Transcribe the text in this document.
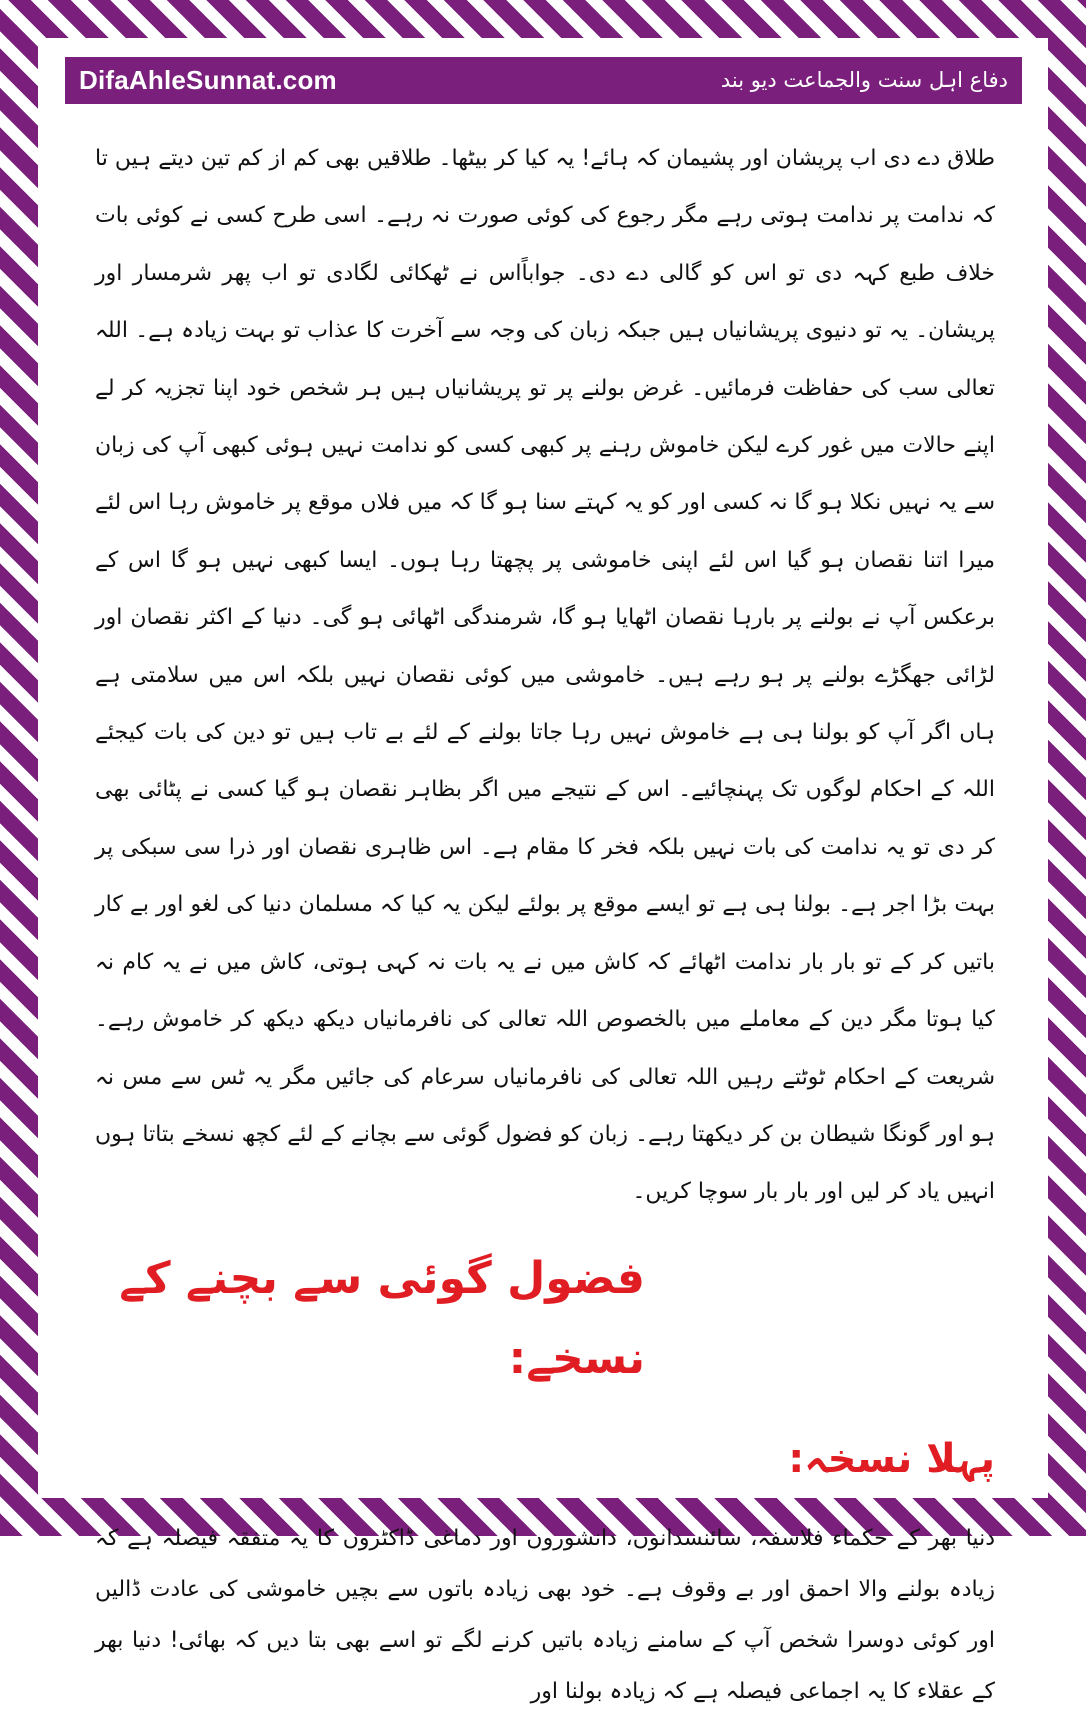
DifaAhleSunnat.com	دفاع اہل سنت والجماعت دیو بند

طلاق دے دی اب پریشان اور پشیمان کہ ہائے! یہ کیا کر بیٹھا۔ طلاقیں بھی کم از کم تین دیتے ہیں تا کہ ندامت پر ندامت ہوتی رہے مگر رجوع کی کوئی صورت نہ رہے۔ اسی طرح کسی نے کوئی بات خلاف طبع کہہ دی تو اس کو گالی دے دی۔ جواباًاس نے ٹھکائی لگادی تو اب پھر شرمسار اور پریشان۔ یہ تو دنیوی پریشانیاں ہیں جبکہ زبان کی وجہ سے آخرت کا عذاب تو بہت زیادہ ہے۔ اللہ تعالی سب کی حفاظت فرمائیں۔ غرض بولنے پر تو پریشانیاں ہیں ہر شخص خود اپنا تجزیہ کر لے اپنے حالات میں غور کرے لیکن خاموش رہنے پر کبھی کسی کو ندامت نہیں ہوئی کبھی آپ کی زبان سے یہ نہیں نکلا ہو گا نہ کسی اور کو یہ کہتے سنا ہو گا کہ میں فلاں موقع پر خاموش رہا اس لئے میرا اتنا نقصان ہو گیا اس لئے اپنی خاموشی پر پچھتا رہا ہوں۔ ایسا کبھی نہیں ہو گا اس کے برعکس آپ نے بولنے پر بارہا نقصان اٹھایا ہو گا، شرمندگی اٹھائی ہو گی۔ دنیا کے اکثر نقصان اور لڑائی جھگڑے بولنے پر ہو رہے ہیں۔ خاموشی میں کوئی نقصان نہیں بلکہ اس میں سلامتی ہے ہاں اگر آپ کو بولنا ہی ہے خاموش نہیں رہا جاتا بولنے کے لئے بے تاب ہیں تو دین کی بات کیجئے اللہ کے احکام لوگوں تک پہنچائیے۔ اس کے نتیجے میں اگر بظاہر نقصان ہو گیا کسی نے پٹائی بھی کر دی تو یہ ندامت کی بات نہیں بلکہ فخر کا مقام ہے۔ اس ظاہری نقصان اور ذرا سی سبکی پر بہت بڑا اجر ہے۔ بولنا ہی ہے تو ایسے موقع پر بولئے لیکن یہ کیا کہ مسلمان دنیا کی لغو اور بے کار باتیں کر کے تو بار بار ندامت اٹھائے کہ کاش میں نے یہ بات نہ کہی ہوتی، کاش میں نے یہ کام نہ کیا ہوتا مگر دین کے معاملے میں بالخصوص اللہ تعالی کی نافرمانیاں دیکھ دیکھ کر خاموش رہے۔ شریعت کے احکام ٹوٹتے رہیں اللہ تعالی کی نافرمانیاں سرعام کی جائیں مگر یہ ٹس سے مس نہ ہو اور گونگا شیطان بن کر دیکھتا رہے۔ زبان کو فضول گوئی سے بچانے کے لئے کچھ نسخے بتاتا ہوں انہیں یاد کر لیں اور بار بار سوچا کریں۔

فضول گوئی سے بچنے کے نسخے:
پہلا نسخہ:

دنیا بھر کے حکماء فلاسفہ، سائنسدانوں، دانشوروں اور دماغی ڈاکٹروں کا یہ متفقہ فیصلہ ہے کہ زیادہ بولنے والا احمق اور بے وقوف ہے۔ خود بھی زیادہ باتوں سے بچیں خاموشی کی عادت ڈالیں اور کوئی دوسرا شخص آپ کے سامنے زیادہ باتیں کرنے لگے تو اسے بھی بتا دیں کہ بھائی! دنیا بھر کے عقلاء کا یہ اجماعی فیصلہ ہے کہ زیادہ بولنا اور
